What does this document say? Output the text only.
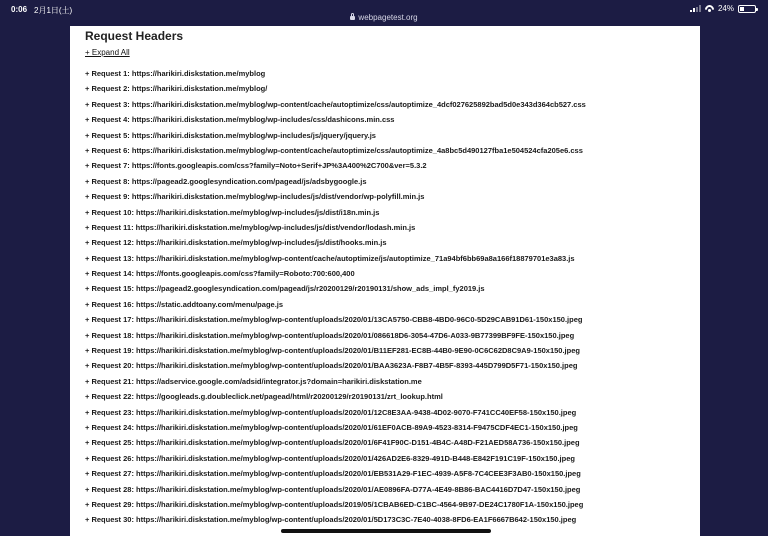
0:06 2月1日(土)
webpagetest.org
24%
Request Headers
+ Expand All
+ Request 1: https://harikiri.diskstation.me/myblog
+ Request 2: https://harikiri.diskstation.me/myblog/
+ Request 3: https://harikiri.diskstation.me/myblog/wp-content/cache/autoptimize/css/autoptimize_4dcf027625892bad5d0e343d364cb527.css
+ Request 4: https://harikiri.diskstation.me/myblog/wp-includes/css/dashicons.min.css
+ Request 5: https://harikiri.diskstation.me/myblog/wp-includes/js/jquery/jquery.js
+ Request 6: https://harikiri.diskstation.me/myblog/wp-content/cache/autoptimize/css/autoptimize_4a8bc5d490127fba1e504524cfa205e6.css
+ Request 7: https://fonts.googleapis.com/css?family=Noto+Serif+JP%3A400%2C700&ver=5.3.2
+ Request 8: https://pagead2.googlesyndication.com/pagead/js/adsbygoogle.js
+ Request 9: https://harikiri.diskstation.me/myblog/wp-includes/js/dist/vendor/wp-polyfill.min.js
+ Request 10: https://harikiri.diskstation.me/myblog/wp-includes/js/dist/i18n.min.js
+ Request 11: https://harikiri.diskstation.me/myblog/wp-includes/js/dist/vendor/lodash.min.js
+ Request 12: https://harikiri.diskstation.me/myblog/wp-includes/js/dist/hooks.min.js
+ Request 13: https://harikiri.diskstation.me/myblog/wp-content/cache/autoptimize/js/autoptimize_71a94bf6bb69a8a166f18879701e3a83.js
+ Request 14: https://fonts.googleapis.com/css?family=Roboto:700:600,400
+ Request 15: https://pagead2.googlesyndication.com/pagead/js/r20200129/r20190131/show_ads_impl_fy2019.js
+ Request 16: https://static.addtoany.com/menu/page.js
+ Request 17: https://harikiri.diskstation.me/myblog/wp-content/uploads/2020/01/13CA5750-CBB8-4BD0-96C0-5D29CAB91D61-150x150.jpeg
+ Request 18: https://harikiri.diskstation.me/myblog/wp-content/uploads/2020/01/086618D6-3054-47D6-A033-9B77399BF9FE-150x150.jpeg
+ Request 19: https://harikiri.diskstation.me/myblog/wp-content/uploads/2020/01/B11EF281-EC8B-44B0-9E90-0C6C62D8C9A9-150x150.jpeg
+ Request 20: https://harikiri.diskstation.me/myblog/wp-content/uploads/2020/01/BAA3623A-F8B7-4B5F-8393-445D799D5F71-150x150.jpeg
+ Request 21: https://adservice.google.com/adsid/integrator.js?domain=harikiri.diskstation.me
+ Request 22: https://googleads.g.doubleclick.net/pagead/html/r20200129/r20190131/zrt_lookup.html
+ Request 23: https://harikiri.diskstation.me/myblog/wp-content/uploads/2020/01/12C8E3AA-9438-4D02-9070-F741CC40EF58-150x150.jpeg
+ Request 24: https://harikiri.diskstation.me/myblog/wp-content/uploads/2020/01/61EF0ACB-89A9-4523-8314-F9475CDF4EC1-150x150.jpeg
+ Request 25: https://harikiri.diskstation.me/myblog/wp-content/uploads/2020/01/6F41F90C-D151-4B4C-A48D-F21AED58A736-150x150.jpeg
+ Request 26: https://harikiri.diskstation.me/myblog/wp-content/uploads/2020/01/426AD2E6-8329-491D-B448-E842F191C19F-150x150.jpeg
+ Request 27: https://harikiri.diskstation.me/myblog/wp-content/uploads/2020/01/EB531A29-F1EC-4939-A5F8-7C4CEE3F3AB0-150x150.jpeg
+ Request 28: https://harikiri.diskstation.me/myblog/wp-content/uploads/2020/01/AE0896FA-D77A-4E49-8B86-BAC4416D7D47-150x150.jpeg
+ Request 29: https://harikiri.diskstation.me/myblog/wp-content/uploads/2019/05/1CBAB6ED-C1BC-4564-9B97-DE24C1780F1A-150x150.jpeg
+ Request 30: https://harikiri.diskstation.me/myblog/wp-content/uploads/2020/01/5D173C3C-7E40-4038-8FD6-EA1F6667B642-150x150.jpeg
